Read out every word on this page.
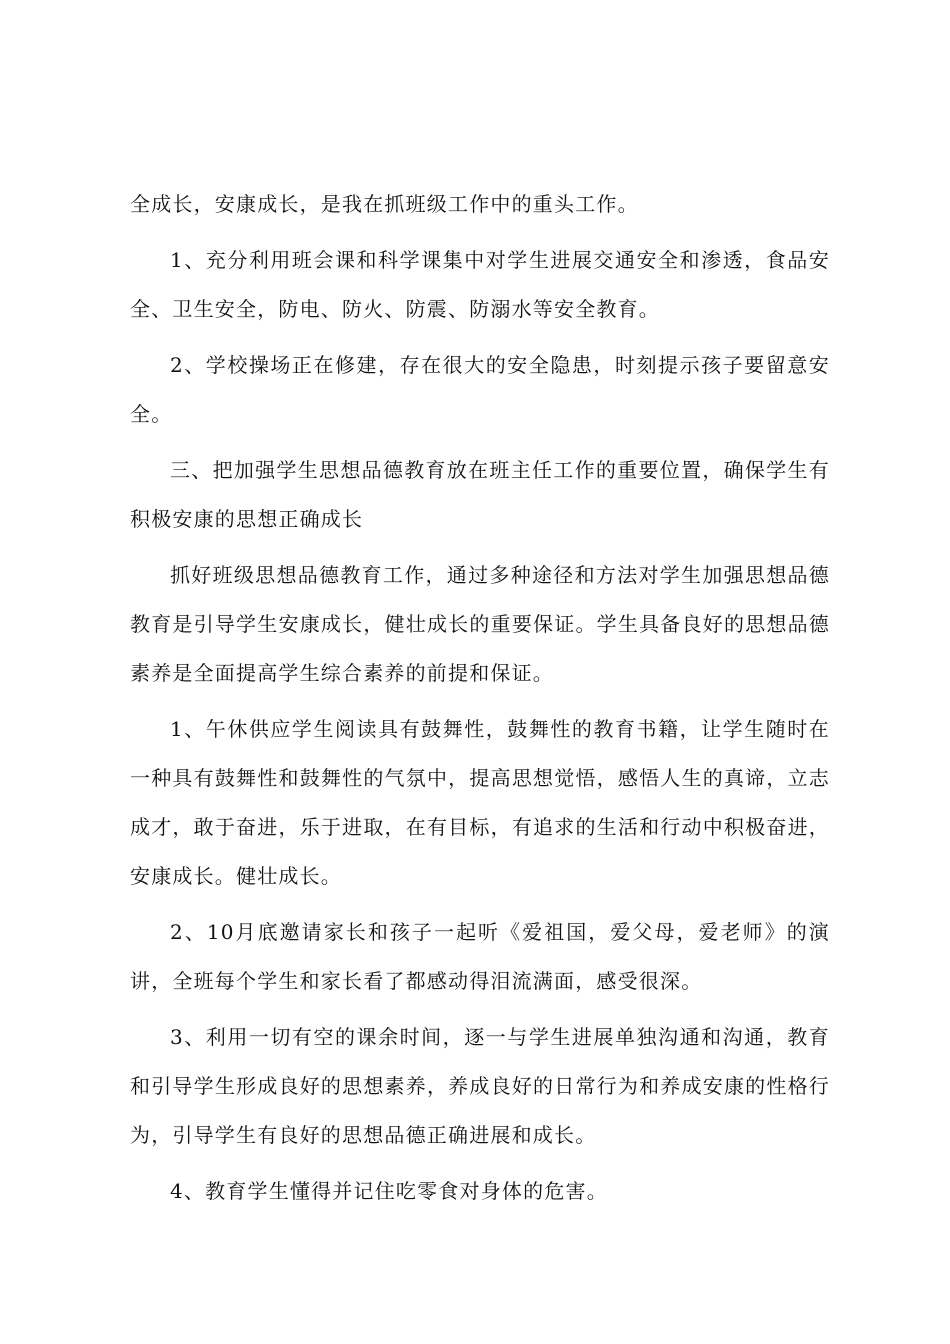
全成长，安康成长，是我在抓班级工作中的重头工作。

1、充分利用班会课和科学课集中对学生进展交通安全和渗透，食品安全、卫生安全，防电、防火、防震、防溺水等安全教育。

2、学校操场正在修建，存在很大的安全隐患，时刻提示孩子要留意安全。

三、把加强学生思想品德教育放在班主任工作的重要位置，确保学生有积极安康的思想正确成长

抓好班级思想品德教育工作，通过多种途径和方法对学生加强思想品德教育是引导学生安康成长，健壮成长的重要保证。学生具备良好的思想品德素养是全面提高学生综合素养的前提和保证。

1、午休供应学生阅读具有鼓舞性，鼓舞性的教育书籍，让学生随时在一种具有鼓舞性和鼓舞性的气氛中，提高思想觉悟，感悟人生的真谛，立志成才，敢于奋进，乐于进取，在有目标，有追求的生活和行动中积极奋进，安康成长。健壮成长。

2、10月底邀请家长和孩子一起听《爱祖国，爱父母，爱老师》的演讲，全班每个学生和家长看了都感动得泪流满面，感受很深。

3、利用一切有空的课余时间，逐一与学生进展单独沟通和沟通，教育和引导学生形成良好的思想素养，养成良好的日常行为和养成安康的性格行为，引导学生有良好的思想品德正确进展和成长。

4、教育学生懂得并记住吃零食对身体的危害。
